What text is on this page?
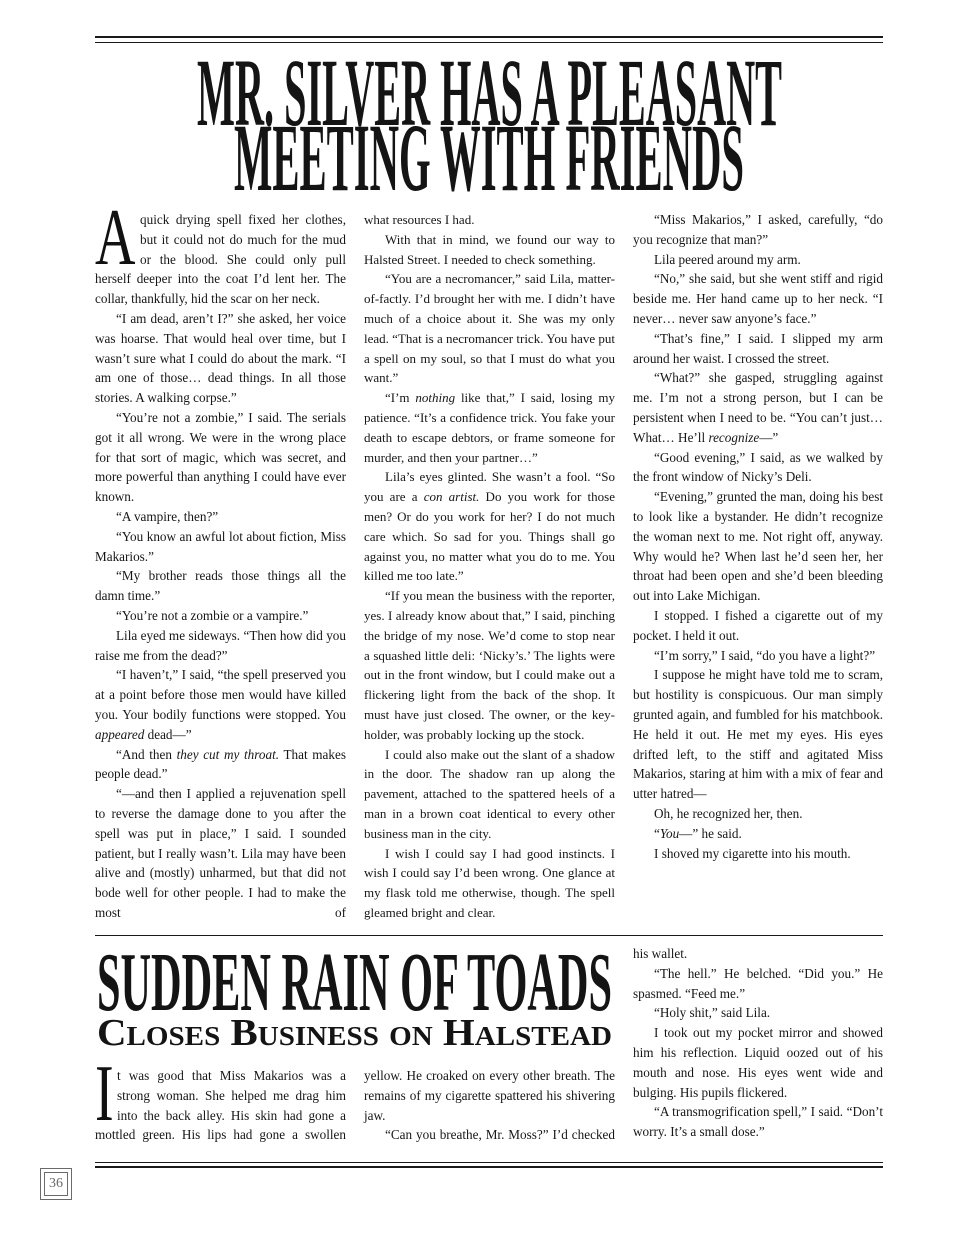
MR. SILVER HAS A PLEASANT
MEETING WITH FRIENDS
SUDDEN RAIN OF TOADS
Closes Business on Halstead

Aquick drying spell fixed her clothes, but it could not do much for the mud or the blood. She could only pull herself deeper into the coat I’d lent her. The collar, thankfully, hid the scar on her neck.

“I am dead, aren’t I?” she asked, her voice was hoarse. That would heal over time, but I wasn’t sure what I could do about the mark. “I am one of those… dead things. In all those stories. A walking corpse.”

“You’re not a zombie,” I said. The serials got it all wrong. We were in the wrong place for that sort of magic, which was secret, and more powerful than anything I could have ever known.

“A vampire, then?”

“You know an awful lot about fiction, Miss Makarios.”

“My brother reads those things all the damn time.”

“You’re not a zombie or a vampire.”

Lila eyed me sideways. “Then how did you raise me from the dead?”

“I haven’t,” I said, “the spell preserved you at a point before those men would have killed you. Your bodily functions were stopped. You appeared dead—”

“And then they cut my throat. That makes people dead.”

“—and then I applied a rejuvenation spell to reverse the damage done to you after the spell was put in place,” I said. I sounded patient, but I really wasn’t. Lila may have been alive and (mostly) unharmed, but that did not bode well for other people. I had to make the most of

what resources I had.

With that in mind, we found our way to Halsted Street. I needed to check something.

“You are a necromancer,” said Lila, matter-of-factly. I’d brought her with me. I didn’t have much of a choice about it. She was my only lead. “That is a necromancer trick. You have put a spell on my soul, so that I must do what you want.”

“I’m nothing like that,” I said, losing my patience. “It’s a confidence trick. You fake your death to escape debtors, or frame someone for murder, and then your partner…”

Lila’s eyes glinted. She wasn’t a fool. “So you are a con artist. Do you work for those men? Or do you work for her? I do not much care which. So sad for you. Things shall go against you, no matter what you do to me. You killed me too late.”

“If you mean the business with the reporter, yes. I already know about that,” I said, pinching the bridge of my nose. We’d come to stop near a squashed little deli: ‘Nicky’s.’ The lights were out in the front window, but I could make out a flickering light from the back of the shop. It must have just closed. The owner, or the key-holder, was probably locking up the stock.

I could also make out the slant of a shadow in the door. The shadow ran up along the pavement, attached to the spattered heels of a man in a brown coat identical to every other business man in the city.

I wish I could say I had good instincts. I wish I could say I’d been wrong. One glance at my flask told me otherwise, though. The spell gleamed bright and clear.

“Miss Makarios,” I asked, carefully, “do you recognize that man?”

Lila peered around my arm.

“No,” she said, but she went stiff and rigid beside me. Her hand came up to her neck. “I never… never saw anyone’s face.”

“That’s fine,” I said. I slipped my arm around her waist. I crossed the street.

“What?” she gasped, struggling against me. I’m not a strong person, but I can be persistent when I need to be. “You can’t just… What… He’ll recognize—”

“Good evening,” I said, as we walked by the front window of Nicky’s Deli.

“Evening,” grunted the man, doing his best to look like a bystander. He didn’t recognize the woman next to me. Not right off, anyway. Why would he? When last he’d seen her, her throat had been open and she’d been bleeding out into Lake Michigan.

I stopped. I fished a cigarette out of my pocket. I held it out.

“I’m sorry,” I said, “do you have a light?”

I suppose he might have told me to scram, but hostility is conspicuous. Our man simply grunted again, and fumbled for his matchbook. He held it out. He met my eyes. His eyes drifted left, to the stiff and agitated Miss Makarios, staring at him with a mix of fear and utter hatred—

Oh, he recognized her, then.

“You—” he said.

I shoved my cigarette into his mouth.

It was good that Miss Makarios was a strong woman. She helped me drag him into the back alley. His skin had gone a mottled green. His lips had gone a swollen

yellow. He croaked on every other breath. The remains of my cigarette spattered his shivering jaw.

“Can you breathe, Mr. Moss?” I’d checked

his wallet.

“The hell.” He belched. “Did you.” He spasmed. “Feed me.”

“Holy shit,” said Lila.

I took out my pocket mirror and showed him his reflection. Liquid oozed out of his mouth and nose. His eyes went wide and bulging. His pupils flickered.

“A transmogrification spell,” I said. “Don’t worry. It’s a small dose.”

36
